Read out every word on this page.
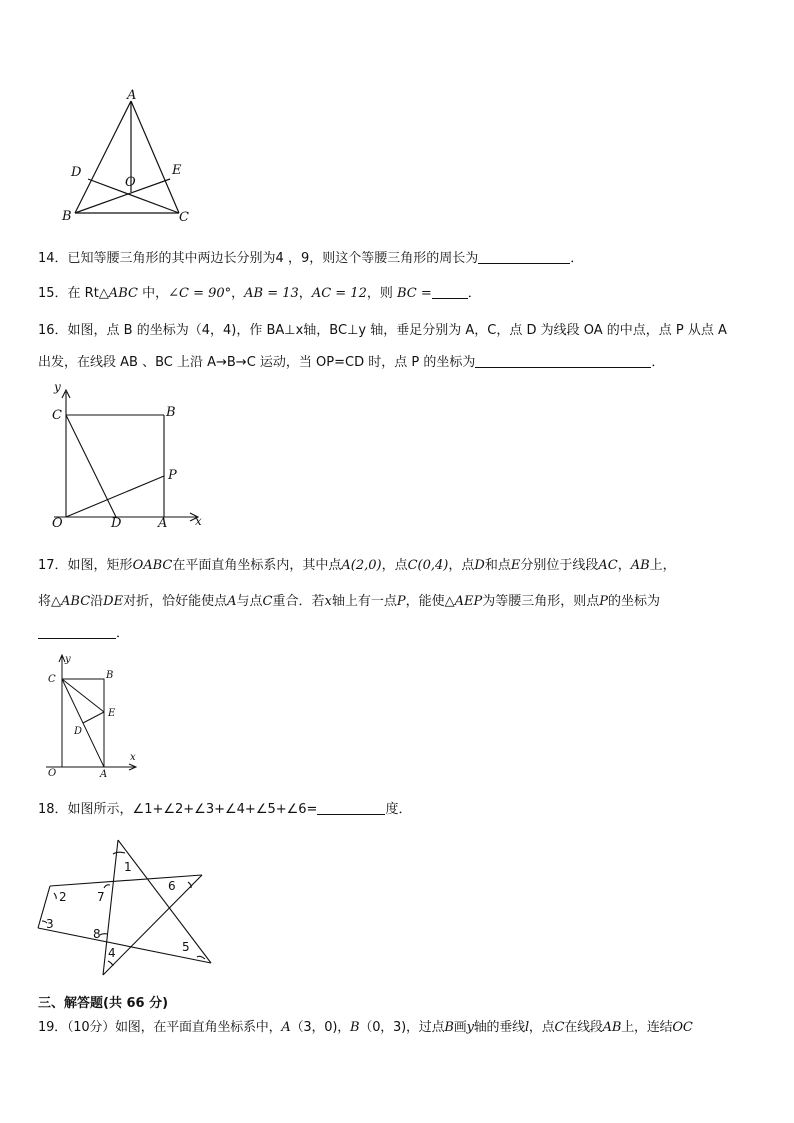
A
D	E
O
B	C
14．已知等腰三角形的其中两边长分别为4 ，9，则这个等腰三角形的周长为	．
15．在 Rt△ABC 中，∠C = 90°，AB = 13，AC = 12，则 BC =	．
16．如图，点 B 的坐标为（4，4)，作 BA⊥x轴，BC⊥y 轴，垂足分别为 A，C，点 D 为线段 OA 的中点，点 P 从点 A
出发，在线段 AB 、BC 上沿 A→B→C 运动，当 OP=CD 时，点 P 的坐标为	．
y
C	B
P
O	D	A x
17．如图，矩形OABC在平面直角坐标系内，其中点A(2,0)，点C(0,4)，点D和点E分别位于线段AC，AB上，
将△ABC沿DE对折，恰好能使点A与点C重合．若x轴上有一点P，能使△AEP为等腰三角形，则点P的坐标为
．
y
C	B
E
D
x
O	A
18．如图所示，∠1+∠2+∠3+∠4+∠5+∠6=	度．
1
2
3
4	5
6
7
8
三、解答题(共 66 分)
19．（10分）如图，在平面直角坐标系中，A（3，0)，B（0，3)，过点B画y轴的垂线l，点C在线段AB上，连结OC
